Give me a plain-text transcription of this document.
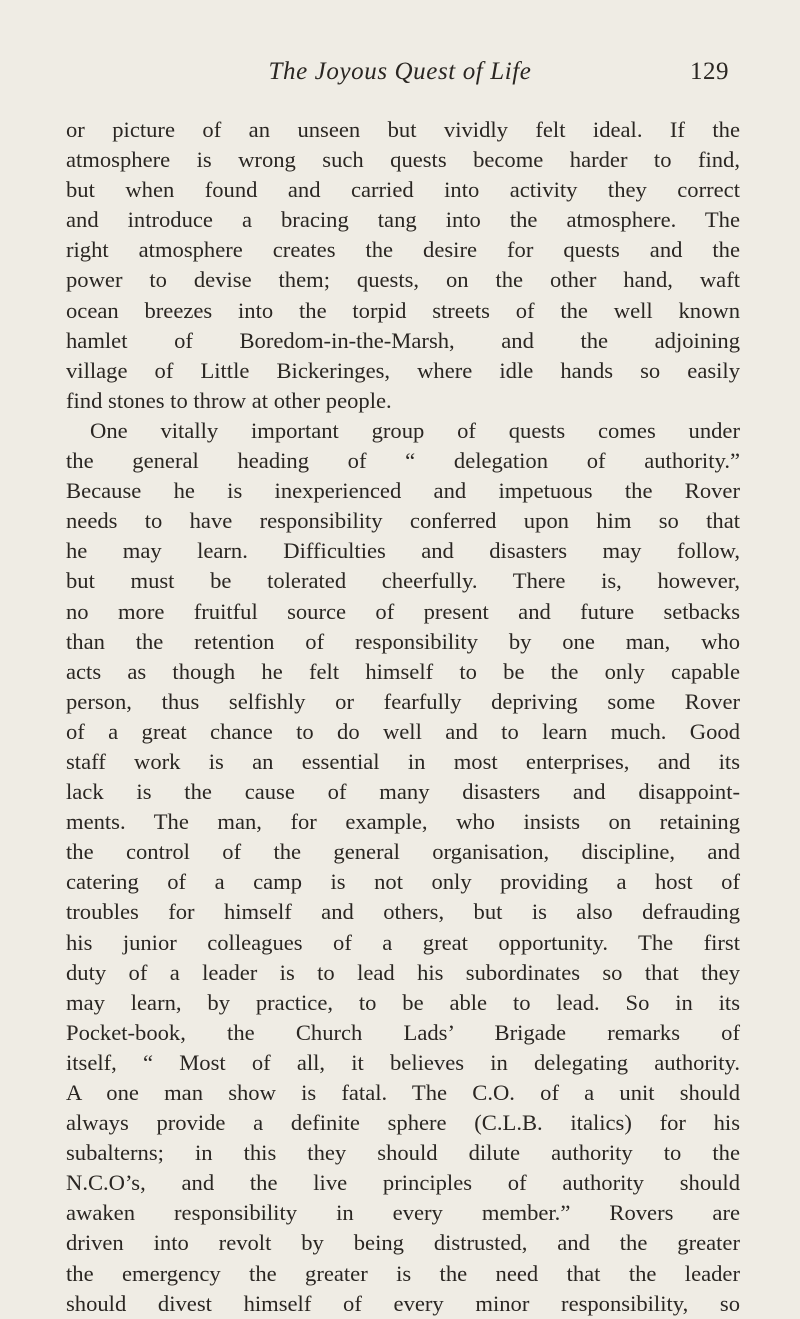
The Joyous Quest of Life	129
or picture of an unseen but vividly felt ideal. If the
atmosphere is wrong such quests become harder to find,
but when found and carried into activity they correct
and introduce a bracing tang into the atmosphere. The
right atmosphere creates the desire for quests and the
power to devise them; quests, on the other hand, waft
ocean breezes into the torpid streets of the well known
hamlet of Boredom-in-the-Marsh, and the adjoining
village of Little Bickeringes, where idle hands so easily
find stones to throw at other people.
One vitally important group of quests comes under
the general heading of “ delegation of authority.”
Because he is inexperienced and impetuous the Rover
needs to have responsibility conferred upon him so that
he may learn. Difficulties and disasters may follow,
but must be tolerated cheerfully. There is, however,
no more fruitful source of present and future setbacks
than the retention of responsibility by one man, who
acts as though he felt himself to be the only capable
person, thus selfishly or fearfully depriving some Rover
of a great chance to do well and to learn much. Good
staff work is an essential in most enterprises, and its
lack is the cause of many disasters and disappoint-
ments. The man, for example, who insists on retaining
the control of the general organisation, discipline, and
catering of a camp is not only providing a host of
troubles for himself and others, but is also defrauding
his junior colleagues of a great opportunity. The first
duty of a leader is to lead his subordinates so that they
may learn, by practice, to be able to lead. So in its
Pocket-book, the Church Lads’ Brigade remarks of
itself, “ Most of all, it believes in delegating authority.
A one man show is fatal. The C.O. of a unit should
always provide a definite sphere (C.L.B. italics) for his
subalterns; in this they should dilute authority to the
N.C.O’s, and the live principles of authority should
awaken responsibility in every member.” Rovers are
driven into revolt by being distrusted, and the greater
the emergency the greater is the need that the leader
should divest himself of every minor responsibility, so
